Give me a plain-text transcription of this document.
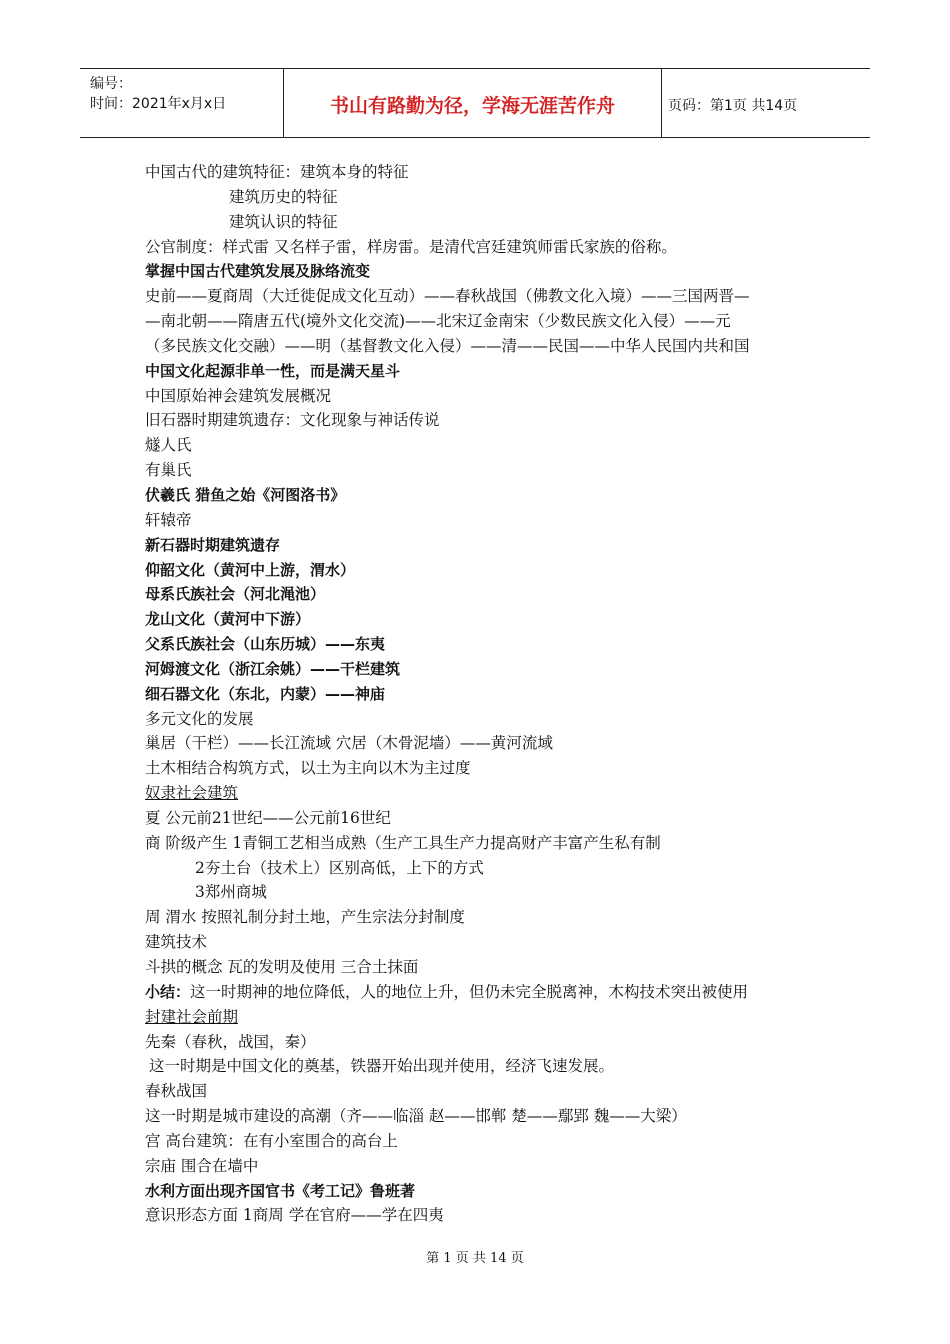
编号：
时间：2021年x月x日	书山有路勤为径，学海无涯苦作舟	页码：第1页 共14页
中国古代的建筑特征：建筑本身的特征
建筑历史的特征
建筑认识的特征
公官制度：样式雷 又名样子雷，样房雷。是清代宫廷建筑师雷氏家族的俗称。
掌握中国古代建筑发展及脉络流变
史前——夏商周（大迁徙促成文化互动）——春秋战国（佛教文化入境）——三国两晋—
—南北朝——隋唐五代(境外文化交流)——北宋辽金南宋（少数民族文化入侵）——元
（多民族文化交融）——明（基督教文化入侵）——清——民国——中华人民国内共和国
中国文化起源非单一性，而是满天星斗
中国原始神会建筑发展概况
旧石器时期建筑遗存：文化现象与神话传说
燧人氏
有巢氏
伏羲氏 猎鱼之始《河图洛书》
轩辕帝
新石器时期建筑遗存
仰韶文化（黄河中上游，渭水）
母系氏族社会（河北渑池）
龙山文化（黄河中下游）
父系氏族社会（山东历城）——东夷
河姆渡文化（浙江余姚）——干栏建筑
细石器文化（东北，内蒙）——神庙
多元文化的发展
巢居（干栏）——长江流域 穴居（木骨泥墙）——黄河流域
土木相结合构筑方式，以土为主向以木为主过度
奴隶社会建筑
夏 公元前21世纪——公元前16世纪
商 阶级产生 1青铜工艺相当成熟（生产工具生产力提高财产丰富产生私有制
2夯土台（技术上）区别高低，上下的方式
3郑州商城
周 渭水 按照礼制分封土地，产生宗法分封制度
建筑技术
斗拱的概念 瓦的发明及使用 三合土抹面
小结：这一时期神的地位降低，人的地位上升，但仍未完全脱离神，木构技术突出被使用
封建社会前期
先秦（春秋，战国，秦）
这一时期是中国文化的奠基，铁器开始出现并使用，经济飞速发展。
春秋战国
这一时期是城市建设的高潮（齐——临淄 赵——邯郸 楚——鄢郢 魏——大梁）
宫 高台建筑：在有小室围合的高台上
宗庙 围合在墙中
水利方面出现齐国官书《考工记》鲁班著
意识形态方面 1商周 学在官府——学在四夷
第 1 页 共 14 页
